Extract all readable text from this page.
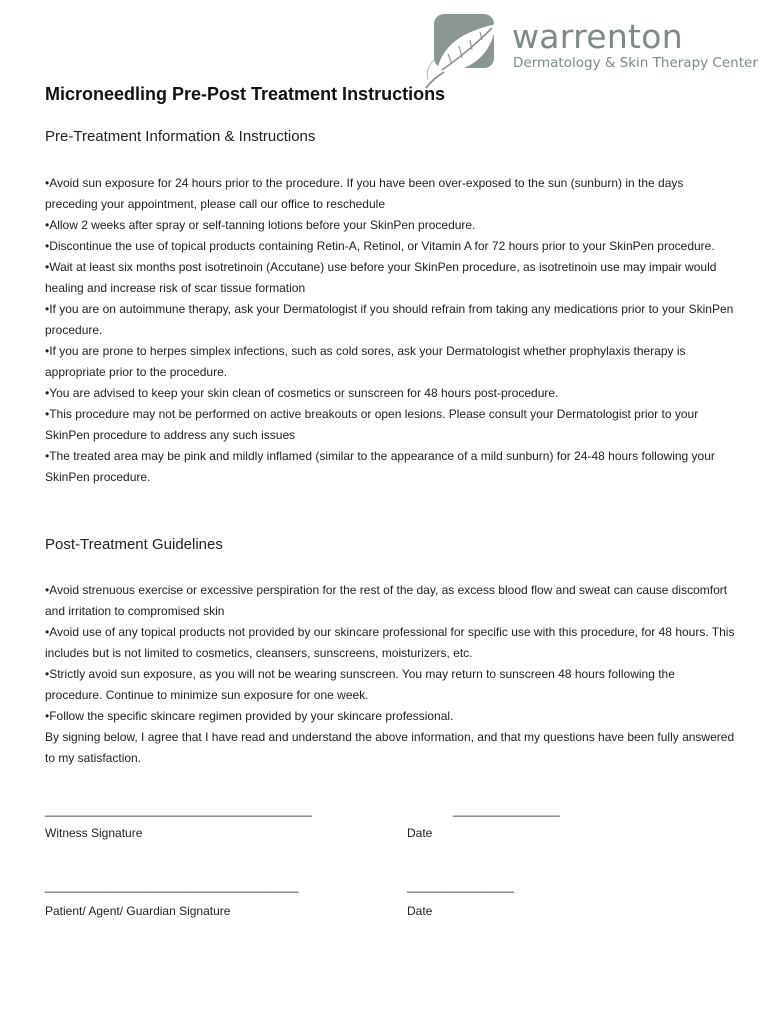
warrenton
Dermatology & Skin Therapy Center
Microneedling Pre-Post Treatment Instructions
Pre-Treatment Information & Instructions
•Avoid sun exposure for 24 hours prior to the procedure. If you have been over-exposed to the sun (sunburn) in the days preceding your appointment, please call our office to reschedule
•Allow 2 weeks after spray or self-tanning lotions before your SkinPen procedure.
•Discontinue the use of topical products containing Retin-A, Retinol, or Vitamin A for 72 hours prior to your SkinPen procedure.
•Wait at least six months post isotretinoin (Accutane) use before your SkinPen procedure, as isotretinoin use may impair would healing and increase risk of scar tissue formation
•If you are on autoimmune therapy, ask your Dermatologist if you should refrain from taking any medications prior to your SkinPen procedure.
•If you are prone to herpes simplex infections, such as cold sores, ask your Dermatologist whether prophylaxis therapy is appropriate prior to the procedure.
•You are advised to keep your skin clean of cosmetics or sunscreen for 48 hours post-procedure.
•This procedure may not be performed on active breakouts or open lesions. Please consult your Dermatologist prior to your SkinPen procedure to address any such issues
•The treated area may be pink and mildly inflamed (similar to the appearance of a mild sunburn) for 24-48 hours following your SkinPen procedure.
Post-Treatment Guidelines
•Avoid strenuous exercise or excessive perspiration for the rest of the day, as excess blood flow and sweat can cause discomfort and irritation to compromised skin
•Avoid use of any topical products not provided by our skincare professional for specific use with this procedure, for 48 hours. This includes but is not limited to cosmetics, cleansers, sunscreens, moisturizers, etc.
•Strictly avoid sun exposure, as you will not be wearing sunscreen. You may return to sunscreen 48 hours following the procedure. Continue to minimize sun exposure for one week.
•Follow the specific skincare regimen provided by your skincare professional.
By signing below, I agree that I have read and understand the above information, and that my questions have been fully answered to my satisfaction.
________________________________________	________________
Witness Signature	Date
______________________________________	________________
Patient/ Agent/ Guardian Signature	Date
